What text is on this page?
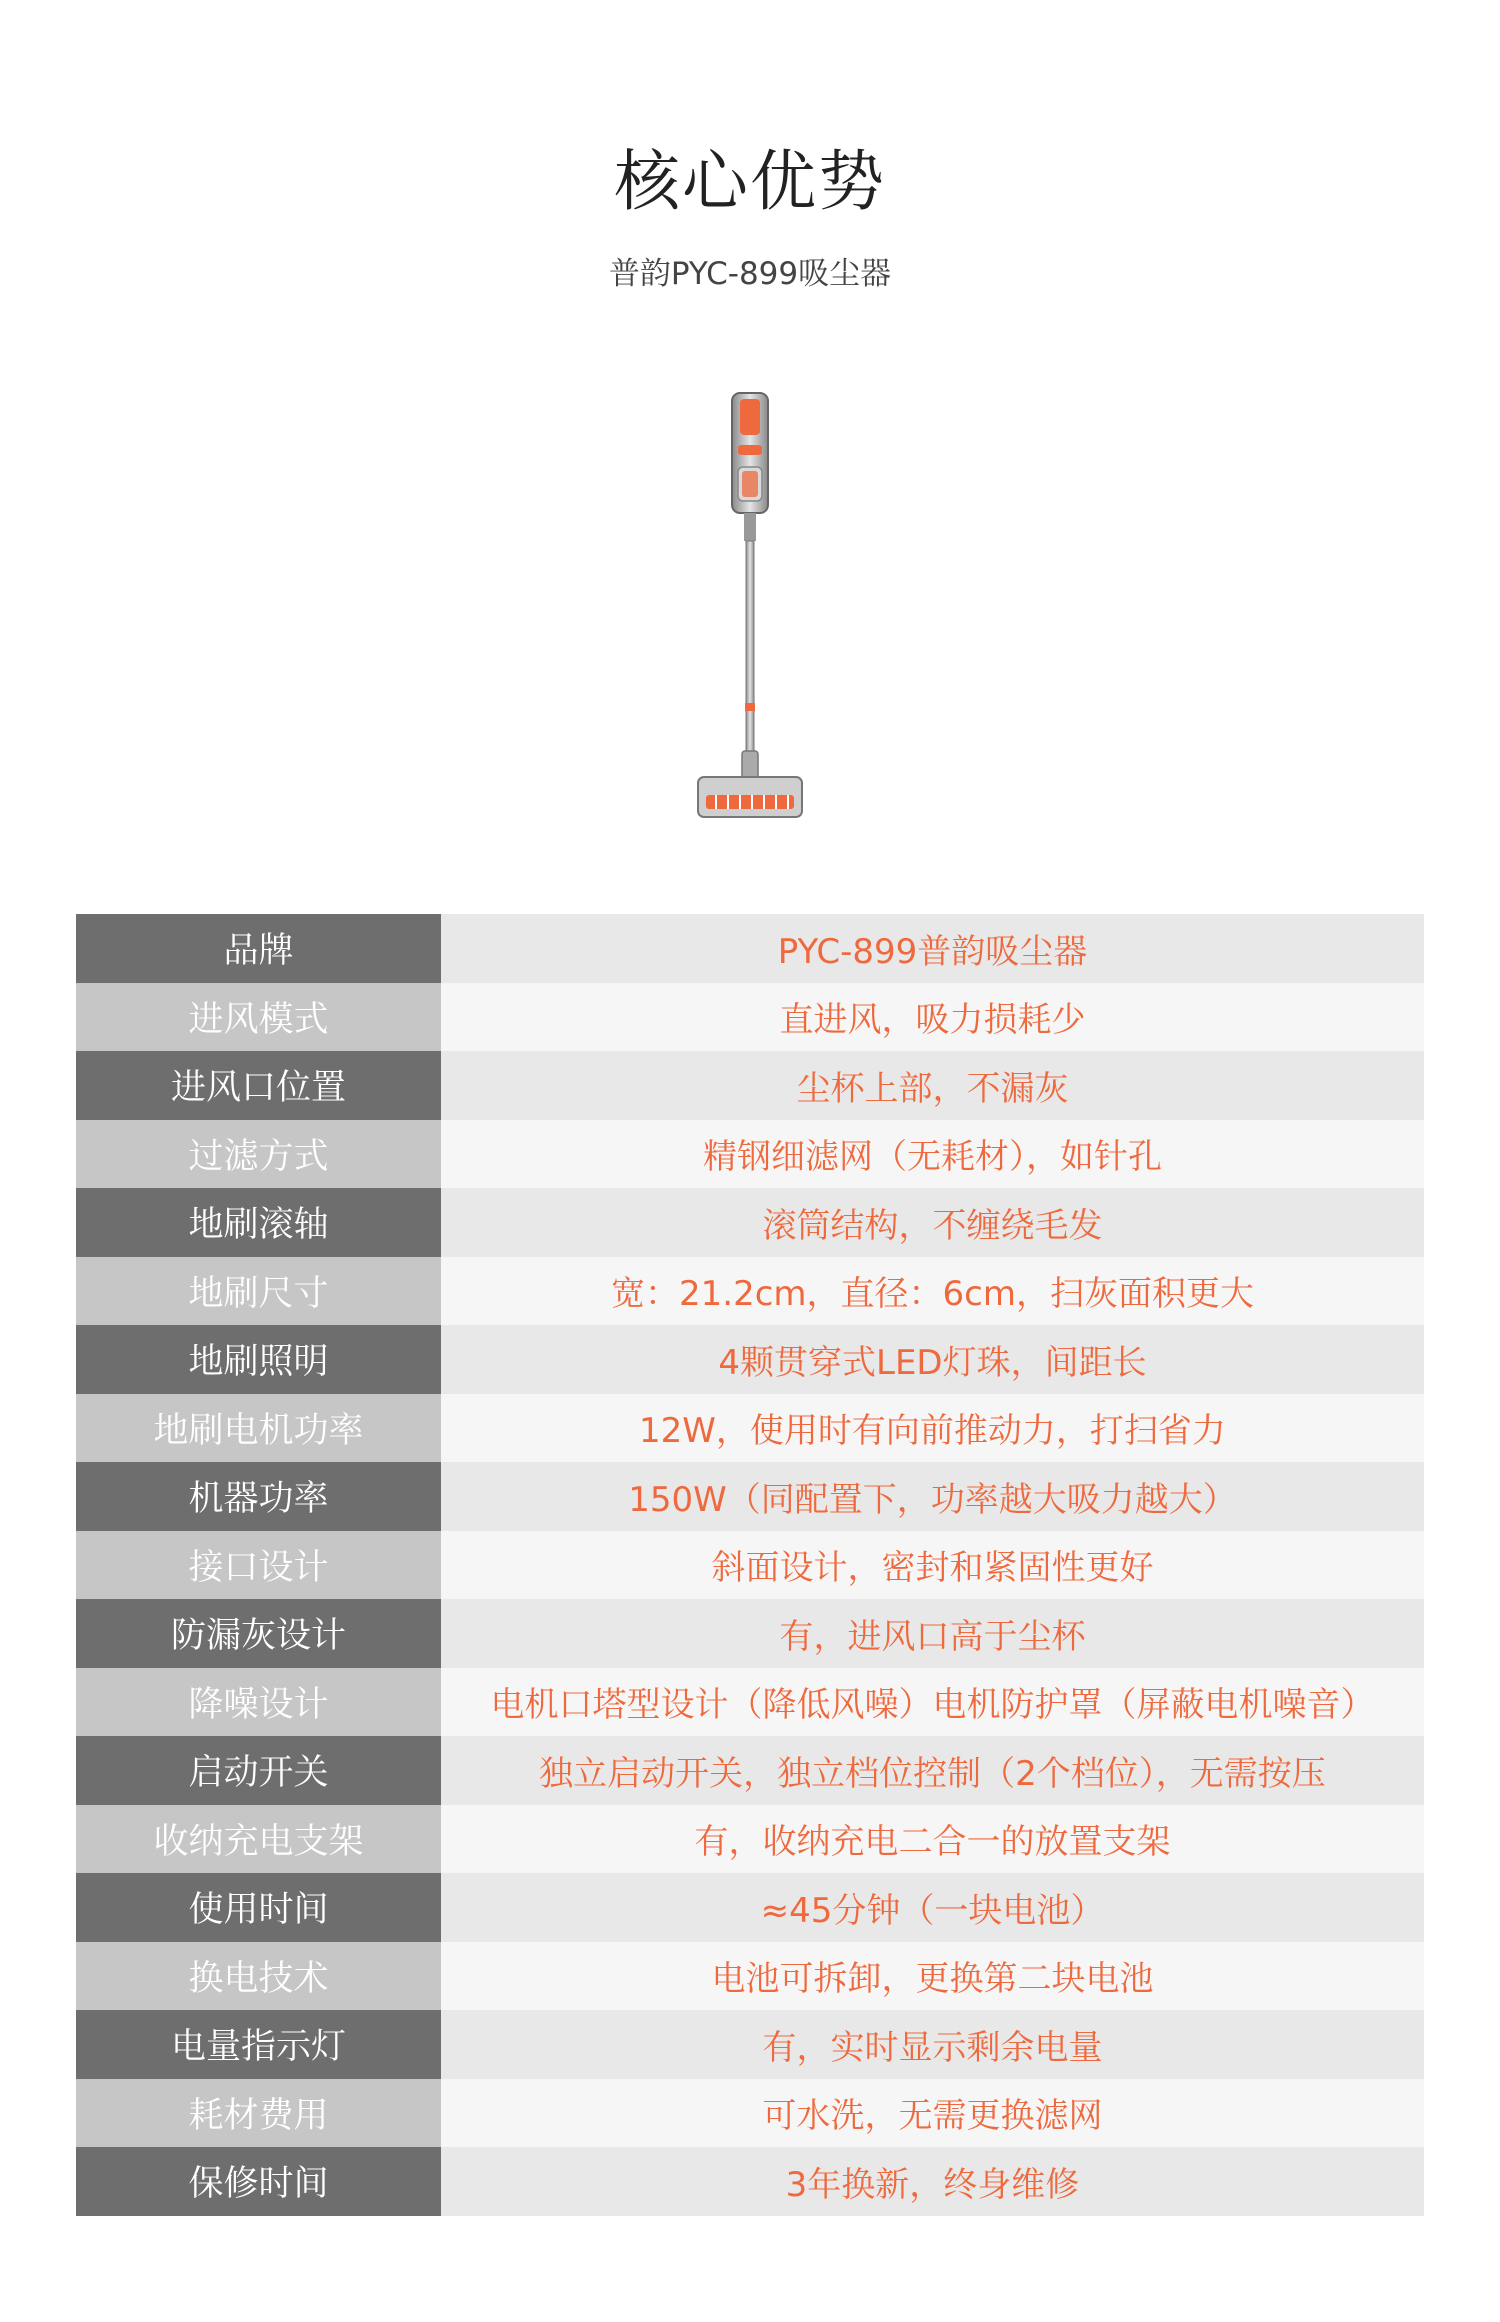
核心优势
普韵PYC-899吸尘器
品牌	PYC-899普韵吸尘器
进风模式	直进风，吸力损耗少
进风口位置	尘杯上部，不漏灰
过滤方式	精钢细滤网（无耗材），如针孔
地刷滚轴	滚筒结构，不缠绕毛发
地刷尺寸	宽：21.2cm，直径：6cm，扫灰面积更大
地刷照明	4颗贯穿式LED灯珠，间距长
地刷电机功率	12W，使用时有向前推动力，打扫省力
机器功率	150W（同配置下，功率越大吸力越大）
接口设计	斜面设计，密封和紧固性更好
防漏灰设计	有，进风口高于尘杯
降噪设计	电机口塔型设计（降低风噪）电机防护罩（屏蔽电机噪音）
启动开关	独立启动开关，独立档位控制（2个档位），无需按压
收纳充电支架	有，收纳充电二合一的放置支架
使用时间	≈45分钟（一块电池）
换电技术	电池可拆卸，更换第二块电池
电量指示灯	有，实时显示剩余电量
耗材费用	可水洗，无需更换滤网
保修时间	3年换新，终身维修
